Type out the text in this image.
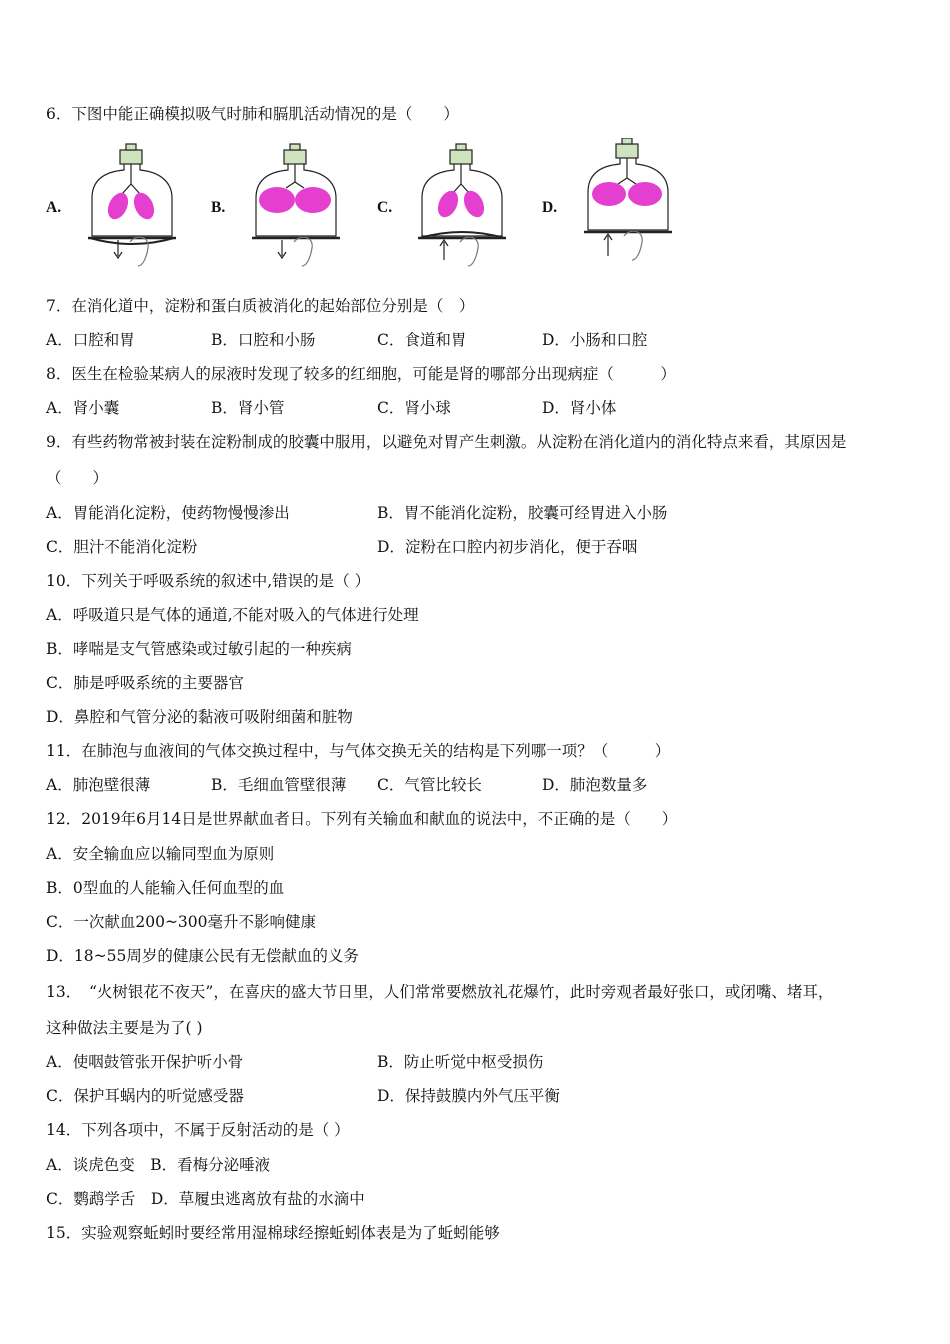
6．下图中能正确模拟吸气时肺和膈肌活动情况的是（　　）
A.	B.	C.	D.
7．在消化道中，淀粉和蛋白质被消化的起始部位分别是（　）
A．口腔和胃	B．口腔和小肠	C．食道和胃	D．小肠和口腔
8．医生在检验某病人的尿液时发现了较多的红细胞，可能是肾的哪部分出现病症（　　　）
A．肾小囊	B．肾小管	C．肾小球	D．肾小体
9．有些药物常被封装在淀粉制成的胶囊中服用，以避免对胃产生刺激。从淀粉在消化道内的消化特点来看，其原因是
（　　）
A．胃能消化淀粉，使药物慢慢渗出	B．胃不能消化淀粉，胶囊可经胃进入小肠
C．胆汁不能消化淀粉	D．淀粉在口腔内初步消化，便于吞咽
10．下列关于呼吸系统的叙述中,错误的是（ ）
A．呼吸道只是气体的通道,不能对吸入的气体进行处理
B．哮喘是支气管感染或过敏引起的一种疾病
C．肺是呼吸系统的主要器官
D．鼻腔和气管分泌的黏液可吸附细菌和脏物
11．在肺泡与血液间的气体交换过程中，与气体交换无关的结构是下列哪一项？（　　　）
A．肺泡壁很薄	B．毛细血管壁很薄 C．气管比较长	D．肺泡数量多
12．2019年6月14日是世界献血者日。下列有关输血和献血的说法中，不正确的是（　　）
A．安全输血应以输同型血为原则
B．0型血的人能输入任何血型的血
C．一次献血200~300毫升不影响健康
D．18~55周岁的健康公民有无偿献血的义务
13．　“火树银花不夜天”，在喜庆的盛大节日里，人们常常要燃放礼花爆竹，此时旁观者最好张口，或闭嘴、堵耳，
这种做法主要是为了( )
A．使咽鼓管张开保护听小骨	B．防止听觉中枢受损伤
C．保护耳蜗内的听觉感受器	D．保持鼓膜内外气压平衡
14．下列各项中，不属于反射活动的是（ ）
A．谈虎色变　B．看梅分泌唾液
C．鹦鹉学舌　D．草履虫逃离放有盐的水滴中
15．实验观察蚯蚓时要经常用湿棉球经擦蚯蚓体表是为了蚯蚓能够
